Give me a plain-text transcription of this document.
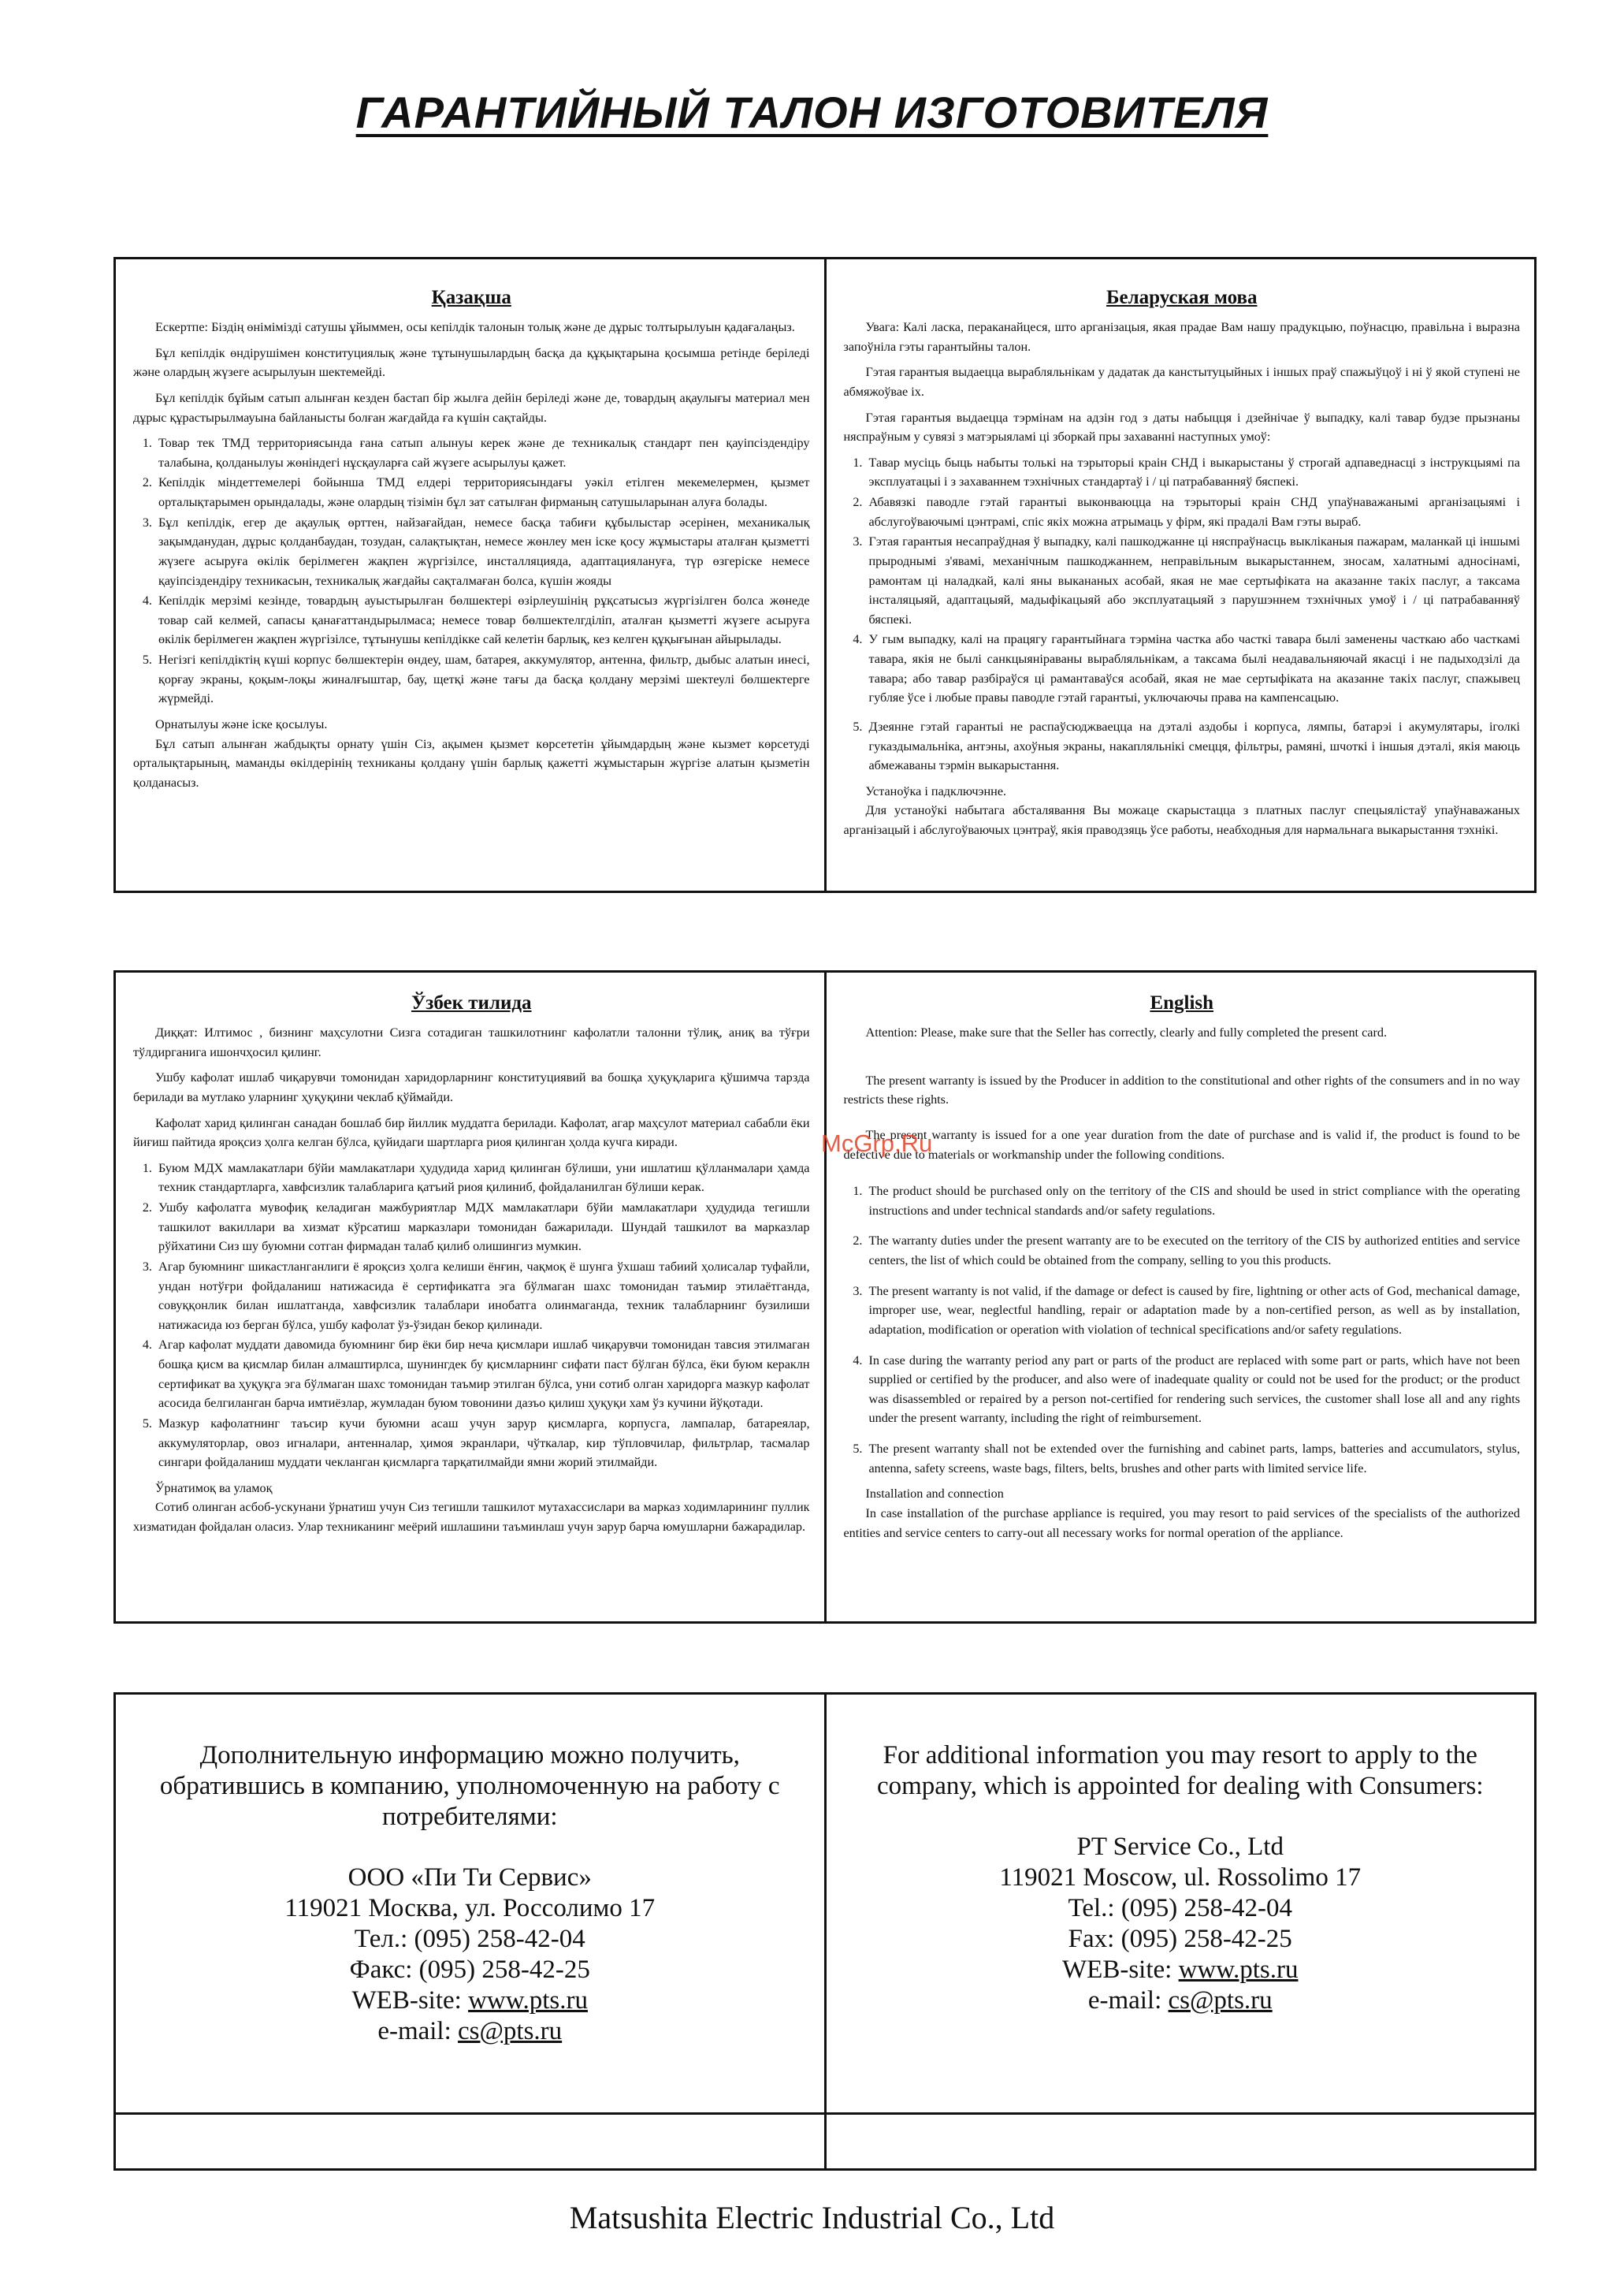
ГАРАНТИЙНЫЙ ТАЛОН ИЗГОТОВИТЕЛЯ
Қазақша

Ескертпе: Біздің өнімімізді сатушы ұйыммен, осы кепілдік талонын толық және де дұрыс толтырылуын қадағалаңыз.

Бұл кепілдік өндірушімен конституциялық және тұтынушылардың басқа да құқықтарына қосымша ретінде беріледі және олардың жүзеге асырылуын шектемейді.

Бұл кепілдік бұйым сатып алынған кезден бастап бір жылға дейін беріледі және де, товардың ақаулығы материал мен дұрыс құрастырылмауына байланысты болған жағдайда ға күшін сақтайды.

1. Товар тек ТМД территориясында ғана сатып алынуы керек және де техникалық стандарт пен қауіпсіздендіру талабына, қолданылуы жөніндегі нұсқауларға сай жүзеге асырылуы қажет.
2. Кепілдік міндеттемелері бойынша ТМД елдері территориясындағы уәкіл етілген мекемелермен, қызмет орталықтарымен орындалады, және олардың тізімін бұл зат сатылған фирманың сатушыларынан алуға болады.
3. Бұл кепілдік, егер де ақаулық өрттен, найзағайдан, немесе басқа табиғи құбылыстар әсерінен, механикалық зақымданудан, дұрыс қолданбаудан, тозудан, салақтықтан, немесе жөнлеу мен іске қосу жұмыстары аталған қызметті жүзеге асыруға өкілік берілмеген жақпен жүргізілсе, инсталляцияда, адаптациялануға, түр өзгеріске немесе қауіпсіздендіру техникасын, техникалық жағдайы сақталмаған болса, күшін жояды
4. Кепілдік мерзімі кезінде, товардың ауыстырылған бөлшектері өзірлеушінің рұқсатысыз жүргізілген болса жөнеде товар сай келмей, сапасы қанағаттандырылмаса; немесе товар бөлшектелгділіп, аталған қызметті жүзеге асыруға өкілік берілмеген жақпен жүргізілсе, тұтынушы кепілдікке сай келетін барлық, кез келген құқығынан айырылады.
5. Негізгі кепілдіктің күші корпус бөлшектерін өндеу, шам, батарея, аккумулятор, антенна, фильтр, дыбыс алатын инесі, қорғау экраны, қоқым-лоқы жиналғыштар, бау, щетқі және тағы да басқа қолдану мерзімі шектеулі бөлшектерге жүрмейді.

Орнатылуы және іске қосылуы.

Бұл сатып алынған жабдықты орнату үшін Сіз, ақымен қызмет көрсететін ұйымдардың және кызмет көрсетуді орталықтарының, маманды өкілдерінің техниканы қолдану үшін барлық қажетті жұмыстарын жүргізе алатын қызметін қолданасыз.

Беларуская мова

Увага: Калі ласка, пераканайцеся, што арганізацыя, якая прадае Вам нашу прадукцыю, поўнасцю, правільна і выразна запоўніла гэты гарантыйны талон.

Гэтая гарантыя выдаецца вырабляльнікам у дадатак да канстытуцыйных і іншых праў спажыўцоў і ні ў якой ступені не абмяжоўвае іх.

Гэтая гарантыя выдаецца тэрмінам на адзін год з даты набыцця і дзейнічае ў выпадку, калі тавар будзе прызнаны няспраўным у сувязі з матэрыяламі ці зборкай пры захаванні наступных умоў:

1. Тавар мусіць быць набыты толькі на тэрыторыі краін СНД і выкарыстаны ў строгай адпаведнасці з інструкцыямі па эксплуатацыі і з захаваннем тэхнічных стандартаў і / ці патрабаванняў бяспекі.
2. Абавязкі паводле гэтай гарантыі выконваюцца на тэрыторыі краін СНД упаўнаважанымі арганізацыямі і абслугоўваючымі цэнтрамі, спіс якіх можна атрымаць у фірм, якi прадалі Вам гэты выраб.
3. Гэтая гарантыя несапраўдная ў выпадку, калі пашкоджанне ці няспраўнасць выкліканыя пажарам, маланкай ці іншымі прыроднымі з'явамі, механічным пашкоджаннем, неправільным выкарыстаннем, зносам, халатнымі адносінамі, рамонтам ці наладкай, калі яны выкананых асобай, якая не мае сертыфіката на аказанне такіх паслуг, а таксама інсталяцыяй, адаптацыяй, мадыфікацыяй або эксплуатацыяй з парушэннем тэхнічных умоў і / ці патрабаванняў бяспекі.
4. У гым выпадку, калі на працягу гарантыйнага тэрміна частка або часткі тавара былі заменены часткаю або часткамі тавара, якія не былі санкцыяніраваны вырабляльнікам, а таксама былі неадавальняючай якасці і не падыходзілі да тавара; або тавар разбіраўся ці рамантаваўся асобай, якая не мае сертыфіката на аказанне такіх паслуг, спажывец губляе ўсе і любые правы паводле гэтай гарантыі, уключаючы права на кампенсацыю.
5. Дзеянне гэтай гарантыі не распаўсюджваецца на дэталі аздобы і корпуса, лямпы, батарэі і акумулятары, іголкі гуказдымальніка, антэны, ахоўныя экраны, накапляльнікі смецця, фільтры, рамяні, шчоткі і іншыя дэталі, якія маюць абмежаваны тэрмін выкарыстання.

Устаноўка і падключэнне.

Для устаноўкі набытага абсталявання Вы можаце скарыстацца з платных паслуг спецыялістаў упаўнаважаных арганізацый і абслугоўваючых цэнтраў, якія праводзяць ўсе работы, неабходныя для нармальнага выкарыстання тэхнікі.

Ўзбек тилида

Диққат: Илтимос , бизнинг маҳсулотни Сизга сотадиган ташкилотнинг кафолатли талонни тўлиқ, аниқ ва тўғри тўлдирганига ишончҳосил қилинг.

Ушбу кафолат ишлаб чиқарувчи томонидан харидорларнинг конституциявий ва бошқа ҳуқуқларига қўшимча тарзда берилади ва мутлако уларнинг ҳуқуқини чеклаб қўймайди.

Кафолат харид қилинган санадан бошлаб бир йиллик муддатга берилади. Кафолат, агар маҳсулот материал сабабли ёки йиғиш пайтида яроқсиз ҳолга келган бўлса, қуйидаги шартларга риоя қилинган ҳолда кучга киради.

1. Буюм МДХ мамлакатлари бўйи мамлакатлари ҳудудида харид қилинган бўлиши, уни ишлатиш қўлланмалари ҳамда техник стандартларга, хавфсизлик талабларига қатъий риоя қилиниб, фойдаланилган бўлиши керак.
2. Ушбу кафолатга мувофиқ келадиган мажбуриятлар МДХ мамлакатлари бўйи мамлакатлари ҳудудида тегишли ташкилот вакиллари ва хизмат кўрсатиш марказлари томонидан бажарилади. Шундай ташкилот ва марказлар рўйхатини Сиз шу буюмни сотган фирмадан талаб қилиб олишингиз мумкин.
3. Агар буюмнинг шикастланганлиги ё яроқсиз ҳолга келиши ёнғин, чақмоқ ё шунга ўхшаш табиий ҳолисалар туфайли, ундан нотўғри фойдаланиш натижасида ё сертификатга эга бўлмаган шахс томонидан таъмир этилаётганда, совуққонлик билан ишлатганда, хавфсизлик талаблари инобатга олинмаганда, техник талабларнинг бузилиши натижасида юз берган бўлса, ушбу кафолат ўз-ўзидан бекор қилинади.
4. Агар кафолат муддати давомида буюмнинг бир ёки бир неча қисмлари ишлаб чиқарувчи томонидан тавсия этилмаган бошқа қисм ва қисмлар билан алмаштирлса, шунингдек бу қисмларнинг сифати паст бўлган бўлса, ёки буюм кераклн сертификат ва ҳуқуқга эга бўлмаган шахс томонидан таъмир этилган бўлса, уни сотиб олган харидорга мазкур кафолат асосида белгиланган барча имтиёзлар, жумладан буюм товонини дазъо қилиш ҳуқуқи хам ўз кучини йўқотади.
5. Мазкур кафолатнинг таъсир кучи буюмни асаш учун зарур қисмларга, корпусга, лампалар, батареялар, аккумуляторлар, овоз игналари, антенналар, ҳимоя экранлари, чўткалар, кир тўпловчилар, фильтрлар, тасмалар сингари фойдаланиш муддати чекланган қисмларга тарқатилмайди ямни жорий этилмайди.

Ўрнатимоқ ва уламоқ

Сотиб олинган асбоб-ускунани ўрнатиш учун Сиз тегишли ташкилот мутахассислари ва марказ ходимларининг пуллик хизматидан фойдалан оласиз. Улар техниканинг меёрий ишлашини таъминлаш учун зарур барча юмушларни бажарадилар.

English

Attention: Please, make sure that the Seller has correctly, clearly and fully completed the present card.

The present warranty is issued by the Producer in addition to the constitutional and other rights of the consumers and in no way restricts these rights.

The present warranty is issued for a one year duration from the date of purchase and is valid if, the product is found to be defective due to materials or workmanship under the following conditions.

1. The product should be purchased only on the territory of the CIS and should be used in strict compliance with the operating instructions and under technical standards and/or safety regulations.
2. The warranty duties under the present warranty are to be executed on the territory of the CIS by authorized entities and service centers, the list of which could be obtained from the company, selling to you this products.
3. The present warranty is not valid, if the damage or defect is caused by fire, lightning or other acts of God, mechanical damage, improper use, wear, neglectful handling, repair or adaptation made by a non-certified person, as well as by installation, adaptation, modification or operation with violation of technical specifications and/or safety regulations.
4. In case during the warranty period any part or parts of the product are replaced with some part or parts, which have not been supplied or certified by the producer, and also were of inadequate quality or could not be used for the product; or the product was disassembled or repaired by a person not-certified for rendering such services, the customer shall lose all and any rights under the present warranty, including the right of reimbursement.
5. The present warranty shall not be extended over the furnishing and cabinet parts, lamps, batteries and accumulators, stylus, antenna, safety screens, waste bags, filters, belts, brushes and other parts with limited service life.

Installation and connection

In case installation of the purchase appliance is required, you may resort to paid services of the specialists of the authorized entities and service centers to carry-out all necessary works for normal operation of the appliance.

McGrp.Ru
Дополнительную информацию можно получить, обратившись в компанию, уполномоченную на работу с потребителями:
ООО «Пи Ти Сервис»
119021 Москва, ул. Россолимо 17
Тел.: (095) 258-42-04
Факс: (095) 258-42-25
WEB-site: www.pts.ru
e-mail: cs@pts.ru
For additional information you may resort to apply to the company, which is appointed for dealing with Consumers:
PT Service Co., Ltd
119021 Moscow, ul. Rossolimo 17
Tel.: (095) 258-42-04
Fax: (095) 258-42-25
WEB-site: www.pts.ru
e-mail: cs@pts.ru
Matsushita Electric Industrial Co., Ltd
